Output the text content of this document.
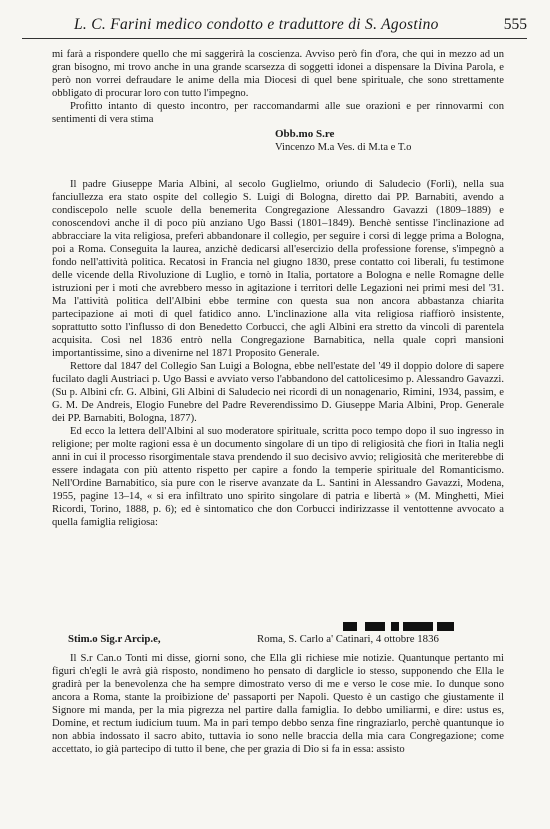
L. C. Farini medico condotto e traduttore di S. Agostino	555

mi farà a rispondere quello che mi saggerirà la coscienza. Avviso però fin d'ora, che qui in mezzo ad un gran bisogno, mi trovo anche in una grande scarsezza di soggetti idonei a dispensare la Divina Parola, e però non vorrei defraudare le anime della mia Diocesi di quel bene spirituale, che sono strettamente obbligato di procurar loro con tutto l'impegno.

Profitto intanto di questo incontro, per raccomandarmi alle sue orazioni e per rinnovarmi con sentimenti di vera stima

Obb.mo S.re
Vincenzo M.a Ves. di M.ta e T.o

Il padre Giuseppe Maria Albini, al secolo Guglielmo, oriundo di Saludecio (Forlì), nella sua fanciullezza era stato ospite del collegio S. Luigi di Bologna, diretto dai PP. Barnabiti, avendo a condiscepolo nelle scuole della benemerita Congregazione Alessandro Gavazzi (1809–1889) e conoscendovi anche il di poco più anziano Ugo Bassi (1801–1849). Benchè sentisse l'inclinazione ad abbracciare la vita religiosa, preferì abbandonare il collegio, per seguire i corsi di legge prima a Bologna, poi a Roma. Conseguita la laurea, anzichè dedicarsi all'esercizio della professione forense, s'impegnò a fondo nell'attività politica. Recatosi in Francia nel giugno 1830, prese contatto coi liberali, fu testimone delle vicende della Rivoluzione di Luglio, e tornò in Italia, portatore a Bologna e nelle Romagne delle istruzioni per i moti che avrebbero messo in agitazione i territori delle Legazioni nei primi mesi del '31. Ma l'attività politica dell'Albini ebbe termine con questa sua non ancora abbastanza chiarita partecipazione ai moti di quel fatidico anno. L'inclinazione alla vita religiosa riaffiorò insistente, soprattutto sotto l'influsso di don Benedetto Corbucci, che agli Albini era stretto da vincoli di parentela acquisita. Così nel 1836 entrò nella Congregazione Barnabitica, nella quale coprì mansioni importantissime, sino a divenirne nel 1871 Proposito Generale.

Rettore dal 1847 del Collegio San Luigi a Bologna, ebbe nell'estate del '49 il doppio dolore di sapere fucilato dagli Austriaci p. Ugo Bassi e avviato verso l'abbandono del cattolicesimo p. Alessandro Gavazzi. (Su p. Albini cfr. G. Albini, Gli Albini di Saludecio nei ricordi di un nonagenario, Rimini, 1934, passim, e G. M. De Andreis, Elogio Funebre del Padre Reverendissimo D. Giuseppe Maria Albini, Prop. Generale dei PP. Barnabiti, Bologna, 1877).

Ed ecco la lettera dell'Albini al suo moderatore spirituale, scritta poco tempo dopo il suo ingresso in religione; per molte ragioni essa è un documento singolare di un tipo di religiosità che fiorì in Italia negli anni in cui il processo risorgimentale stava prendendo il suo decisivo avvio; religiosità che meriterebbe di essere indagata con più attento rispetto per capire a fondo la temperie spirituale del Romanticismo. Nell'Ordine Barnabitico, sia pure con le riserve avanzate da L. Santini in Alessandro Gavazzi, Modena, 1955, pagine 13–14, « si era infiltrato uno spirito singolare di patria e libertà » (M. Minghetti, Miei Ricordi, Torino, 1888, p. 6); ed è sintomatico che don Corbucci indirizzasse il ventottenne avvocato a quella famiglia religiosa:

Stim.o Sig.r Arcip.e,	Roma, S. Carlo a' Catinari, 4 ottobre 1836

Il S.r Can.o Tonti mi disse, giorni sono, che Ella gli richiese mie notizie. Quantunque pertanto mi figuri ch'egli le avrà già risposto, nondimeno ho pensato di darglicle io stesso, supponendo che Ella le gradirà per la benevolenza che ha sempre dimostrato verso di me e verso le cose mie. Io dunque sono ancora a Roma, stante la proibizione de' passaporti per Napoli. Questo è un castigo che giustamente il Signore mi manda, per la mia pigrezza nel partire dalla famiglia. Io debbo umiliarmi, e dire: ustus es, Domine, et rectum iudicium tuum. Ma in pari tempo debbo senza fine ringraziarlo, perchè quantunque io non abbia indossato il sacro abito, tuttavia io sono nelle braccia della mia cara Congregazione; come accettato, io già partecipo di tutto il bene, che per grazia di Dio si fa in essa: assisto
